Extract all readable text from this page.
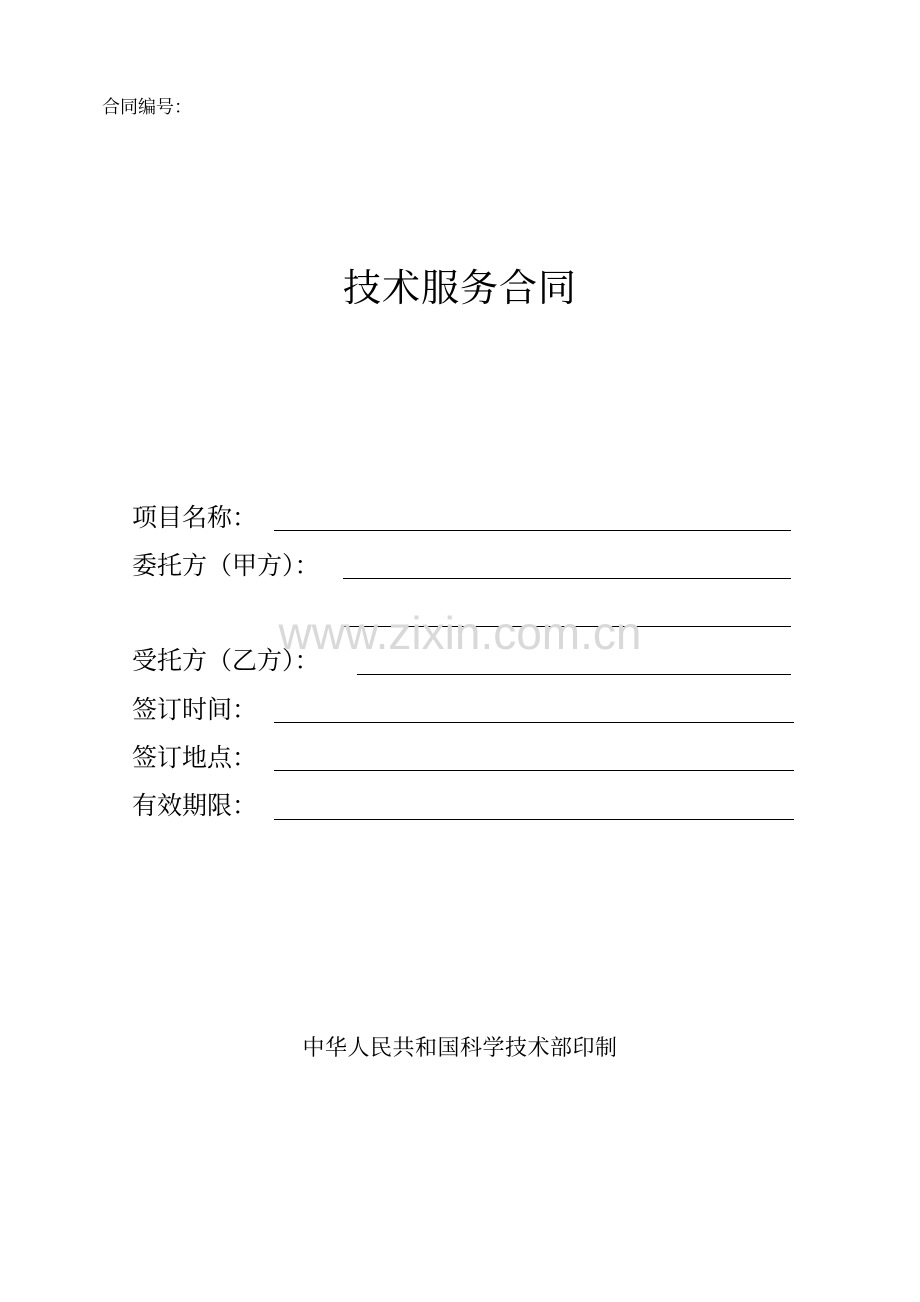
合同编号：
技术服务合同
项目名称：
委托方（甲方）：
www.zixin.com.cn
受托方（乙方）：
签订时间：
签订地点：
有效期限：
中华人民共和国科学技术部印制
